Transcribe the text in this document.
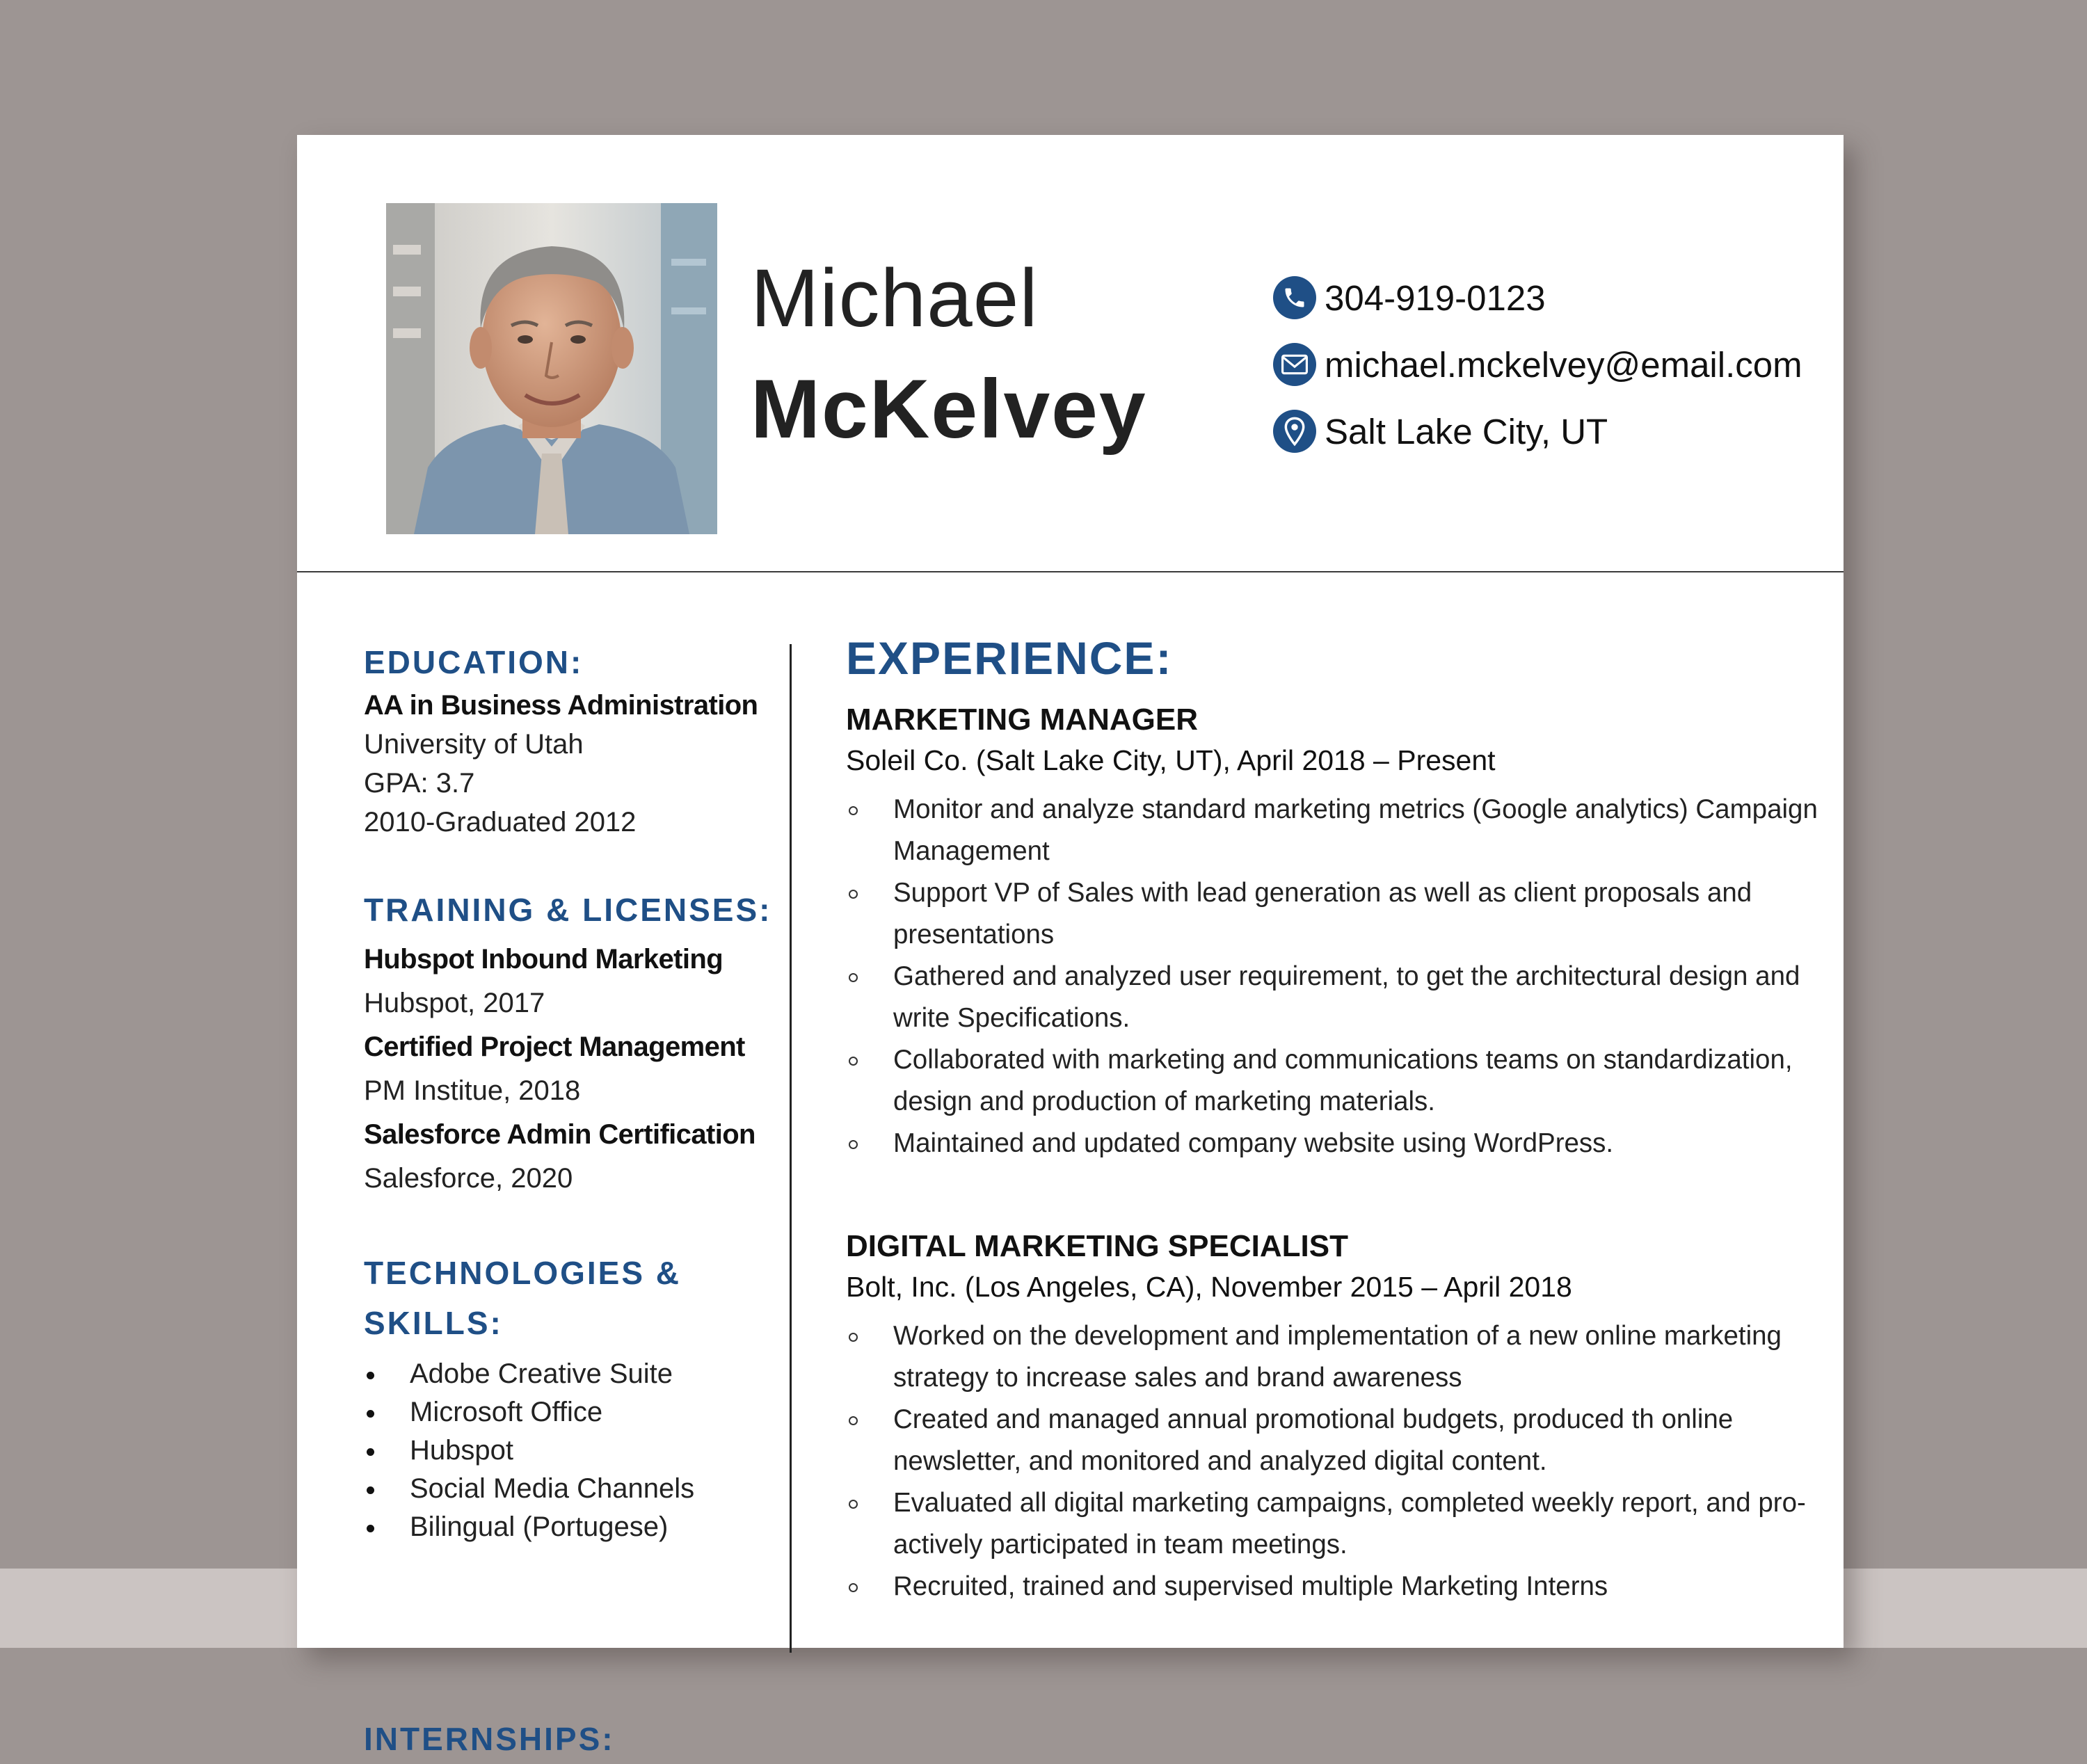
Michael
McKelvey
304-919-0123
michael.mckelvey@email.com
Salt Lake City, UT
EDUCATION:
AA in Business Administration
University of Utah
GPA: 3.7
2010-Graduated 2012
TRAINING & LICENSES:
Hubspot Inbound Marketing
Hubspot, 2017
Certified Project Management
PM Institue, 2018
Salesforce Admin Certification
Salesforce, 2020
TECHNOLOGIES &
SKILLS:
Adobe Creative Suite
Microsoft Office
Hubspot
Social Media Channels
Bilingual (Portugese)
INTERNSHIPS:
EXPERIENCE:
MARKETING MANAGER
Soleil Co. (Salt Lake City, UT), April 2018 – Present
Monitor and analyze standard marketing metrics (Google analytics) Campaign Management
Support VP of Sales with lead generation as well as client proposals and presentations
Gathered and analyzed user requirement, to get the architectural design and write Specifications.
Collaborated with marketing and communications teams on standardization, design and production of marketing materials.
Maintained and updated company website using WordPress.
DIGITAL MARKETING SPECIALIST
Bolt, Inc. (Los Angeles, CA), November 2015 – April 2018
Worked on the development and implementation of a new online marketing strategy to increase sales and brand awareness
Created and managed annual promotional budgets, produced th online newsletter, and monitored and analyzed digital content.
Evaluated all digital marketing campaigns, completed weekly report, and pro-actively participated in team meetings.
Recruited, trained and supervised multiple Marketing Interns
